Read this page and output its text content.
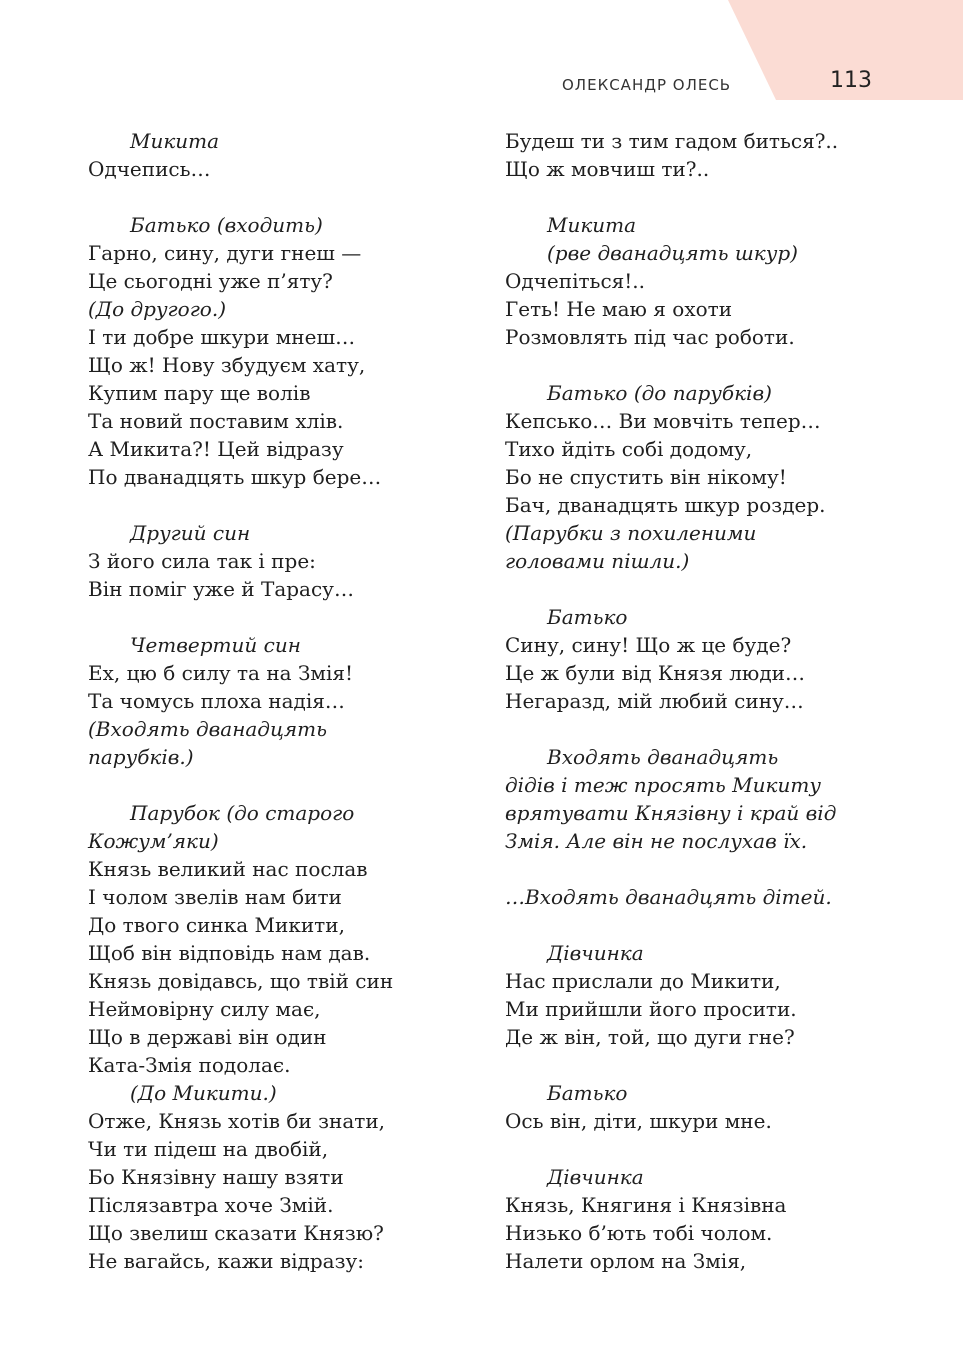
ОЛЕКСАНДР ОЛЕСЬ	113
Микита
Одчепись…
Батько (входить)
Гарно, сину, дуги гнеш —
Це сьогодні уже п’яту?
(До другого.)
І ти добре шкури мнеш…
Що ж! Нову збудуєм хату,
Купим пару ще волів
Та новий поставим хлів.
А Микита?! Цей відразу
По дванадцять шкур бере…
Другий син
З його сила так і пре:
Він поміг уже й Тарасу…
Четвертий син
Ех, цю б силу та на Змія!
Та чомусь плоха надія…
(Входять дванадцять
парубків.)
Парубок (до старого
Кожум’яки)
Князь великий нас послав
І чолом звелів нам бити
До твого синка Микити,
Щоб він відповідь нам дав.
Князь довідавсь, що твій син
Неймовірну силу має,
Що в державі він один
Ката-Змія подолає.
(До Микити.)
Отже, Князь хотів би знати,
Чи ти підеш на двобій,
Бо Князівну нашу взяти
Післязавтра хоче Змій.
Що звелиш сказати Князю?
Не вагайсь, кажи відразу:
Будеш ти з тим гадом биться?..
Що ж мовчиш ти?..
Микита
(рве дванадцять шкур)
Одчепіться!..
Геть! Не маю я охоти
Розмовлять під час роботи.
Батько (до парубків)
Кепсько… Ви мовчіть тепер…
Тихо йдіть собі додому,
Бо не спустить він нікому!
Бач, дванадцять шкур роздер.
(Парубки з похиленими
головами пішли.)
Батько
Сину, сину! Що ж це буде?
Це ж були від Князя люди…
Негаразд, мій любий сину…
Входять дванадцять
дідів і теж просять Микиту
врятувати Князівну і край від
Змія. Але він не послухав їх.
…Входять дванадцять дітей.
Дівчинка
Нас прислали до Микити,
Ми прийшли його просити.
Де ж він, той, що дуги гне?
Батько
Ось він, діти, шкури мне.
Дівчинка
Князь, Княгиня і Князівна
Низько б’ють тобі чолом.
Налети орлом на Змія,
